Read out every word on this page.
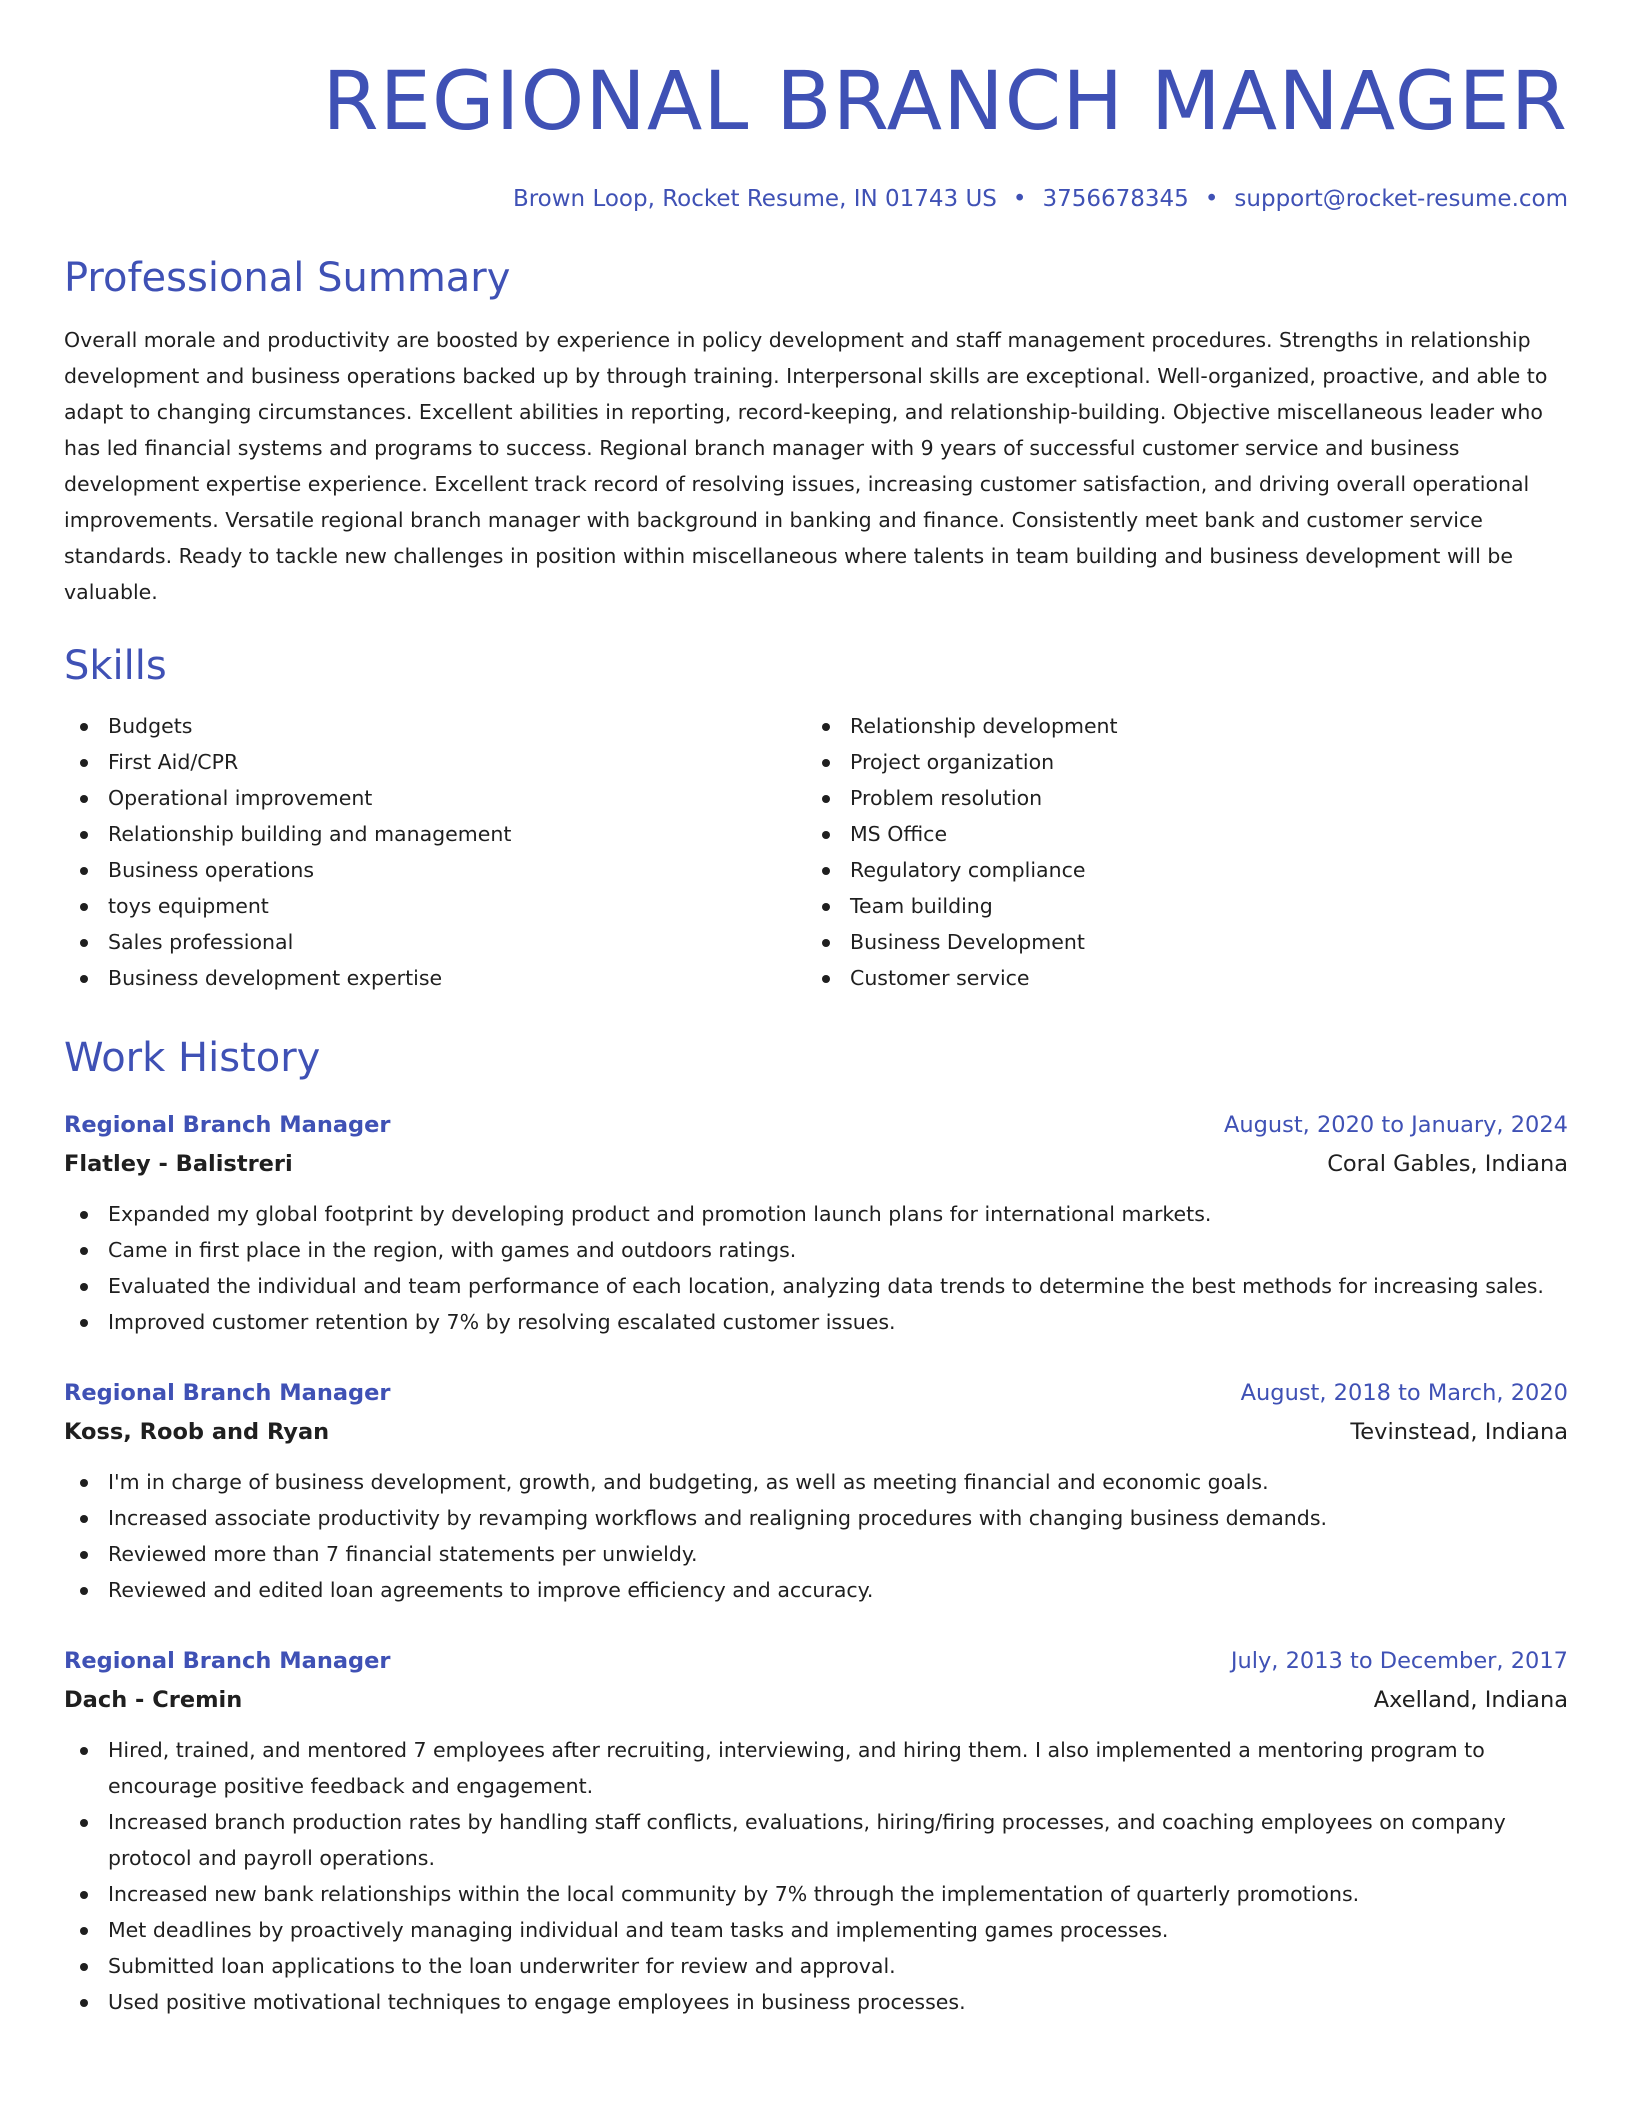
REGIONAL BRANCH MANAGER
Brown Loop, Rocket Resume, IN 01743 US • 3756678345 • support@rocket-resume.com
Professional Summary
Overall morale and productivity are boosted by experience in policy development and staff management procedures. Strengths in relationship development and business operations backed up by through training. Interpersonal skills are exceptional. Well-organized, proactive, and able to adapt to changing circumstances. Excellent abilities in reporting, record-keeping, and relationship-building. Objective miscellaneous leader who has led financial systems and programs to success. Regional branch manager with 9 years of successful customer service and business development expertise experience. Excellent track record of resolving issues, increasing customer satisfaction, and driving overall operational improvements. Versatile regional branch manager with background in banking and finance. Consistently meet bank and customer service standards. Ready to tackle new challenges in position within miscellaneous where talents in team building and business development will be valuable.
Skills
Budgets
First Aid/CPR
Operational improvement
Relationship building and management
Business operations
toys equipment
Sales professional
Business development expertise
Relationship development
Project organization
Problem resolution
MS Office
Regulatory compliance
Team building
Business Development
Customer service
Work History
Regional Branch Manager	August, 2020 to January, 2024
Flatley - Balistreri	Coral Gables, Indiana
Expanded my global footprint by developing product and promotion launch plans for international markets.
Came in first place in the region, with games and outdoors ratings.
Evaluated the individual and team performance of each location, analyzing data trends to determine the best methods for increasing sales.
Improved customer retention by 7% by resolving escalated customer issues.
Regional Branch Manager	August, 2018 to March, 2020
Koss, Roob and Ryan	Tevinstead, Indiana
I'm in charge of business development, growth, and budgeting, as well as meeting financial and economic goals.
Increased associate productivity by revamping workflows and realigning procedures with changing business demands.
Reviewed more than 7 financial statements per unwieldy.
Reviewed and edited loan agreements to improve efficiency and accuracy.
Regional Branch Manager	July, 2013 to December, 2017
Dach - Cremin	Axelland, Indiana
Hired, trained, and mentored 7 employees after recruiting, interviewing, and hiring them. I also implemented a mentoring program to encourage positive feedback and engagement.
Increased branch production rates by handling staff conflicts, evaluations, hiring/firing processes, and coaching employees on company protocol and payroll operations.
Increased new bank relationships within the local community by 7% through the implementation of quarterly promotions.
Met deadlines by proactively managing individual and team tasks and implementing games processes.
Submitted loan applications to the loan underwriter for review and approval.
Used positive motivational techniques to engage employees in business processes.
